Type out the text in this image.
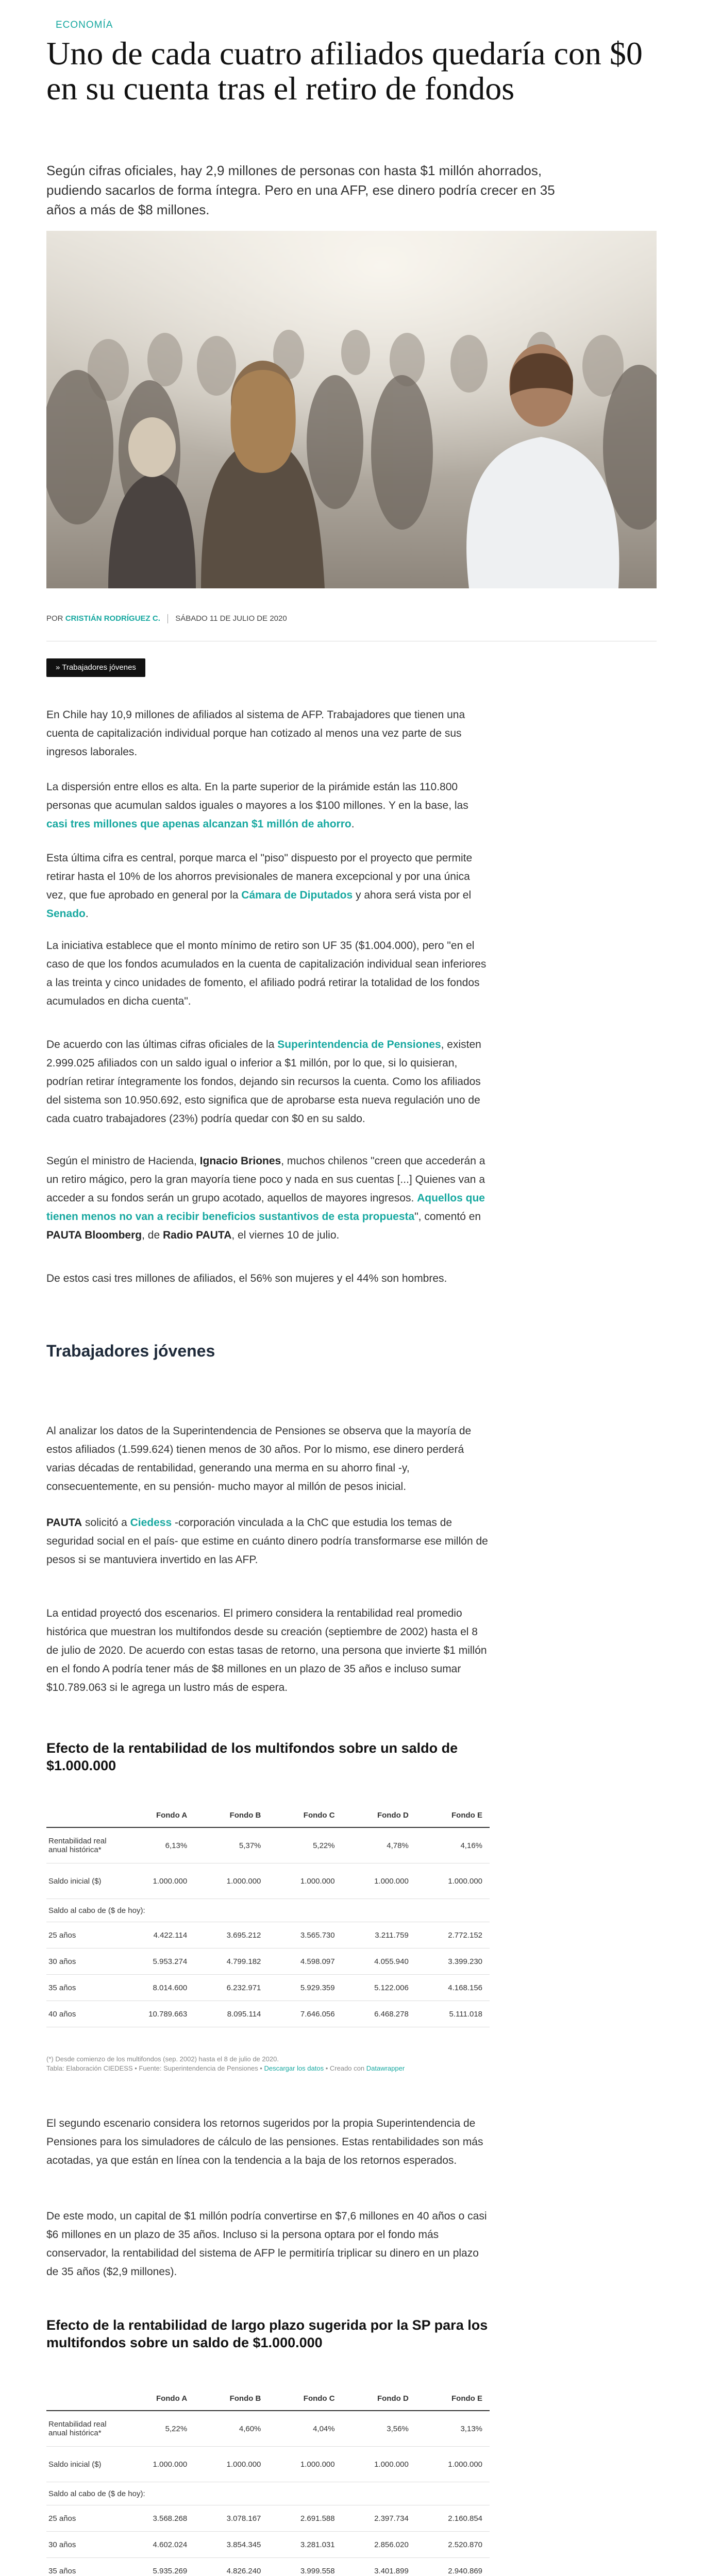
ECONOMÍA
Uno de cada cuatro afiliados quedaría con $0 en su cuenta tras el retiro de fondos

Según cifras oficiales, hay 2,9 millones de personas con hasta $1 millón ahorrados, pudiendo sacarlos de forma íntegra. Pero en una AFP, ese dinero podría crecer en 35 años a más de $8 millones.

POR CRISTIÁN RODRÍGUEZ C. SÁBADO 11 DE JULIO DE 2020
» Trabajadores jóvenes

En Chile hay 10,9 millones de afiliados al sistema de AFP. Trabajadores que tienen una cuenta de capitalización individual porque han cotizado al menos una vez parte de sus ingresos laborales.

La dispersión entre ellos es alta. En la parte superior de la pirámide están las 110.800 personas que acumulan saldos iguales o mayores a los $100 millones. Y en la base, las casi tres millones que apenas alcanzan $1 millón de ahorro.

Esta última cifra es central, porque marca el "piso" dispuesto por el proyecto que permite retirar hasta el 10% de los ahorros previsionales de manera excepcional y por una única vez, que fue aprobado en general por la Cámara de Diputados y ahora será vista por el Senado.

La iniciativa establece que el monto mínimo de retiro son UF 35 ($1.004.000), pero "en el caso de que los fondos acumulados en la cuenta de capitalización individual sean inferiores a las treinta y cinco unidades de fomento, el afiliado podrá retirar la totalidad de los fondos acumulados en dicha cuenta".

De acuerdo con las últimas cifras oficiales de la Superintendencia de Pensiones, existen 2.999.025 afiliados con un saldo igual o inferior a $1 millón, por lo que, si lo quisieran, podrían retirar íntegramente los fondos, dejando sin recursos la cuenta. Como los afiliados del sistema son 10.950.692, esto significa que de aprobarse esta nueva regulación uno de cada cuatro trabajadores (23%) podría quedar con $0 en su saldo.

Según el ministro de Hacienda, Ignacio Briones, muchos chilenos "creen que accederán a un retiro mágico, pero la gran mayoría tiene poco y nada en sus cuentas [...] Quienes van a acceder a su fondos serán un grupo acotado, aquellos de mayores ingresos. Aquellos que tienen menos no van a recibir beneficios sustantivos de esta propuesta", comentó en PAUTA Bloomberg, de Radio PAUTA, el viernes 10 de julio.

De estos casi tres millones de afiliados, el 56% son mujeres y el 44% son hombres.

Trabajadores jóvenes

Al analizar los datos de la Superintendencia de Pensiones se observa que la mayoría de estos afiliados (1.599.624) tienen menos de 30 años. Por lo mismo, ese dinero perderá varias décadas de rentabilidad, generando una merma en su ahorro final -y, consecuentemente, en su pensión- mucho mayor al millón de pesos inicial.

PAUTA solicitó a Ciedess -corporación vinculada a la ChC que estudia los temas de seguridad social en el país- que estime en cuánto dinero podría transformarse ese millón de pesos si se mantuviera invertido en las AFP.

La entidad proyectó dos escenarios. El primero considera la rentabilidad real promedio histórica que muestran los multifondos desde su creación (septiembre de 2002) hasta el 8 de julio de 2020. De acuerdo con estas tasas de retorno, una persona que invierte $1 millón en el fondo A podría tener más de $8 millones en un plazo de 35 años e incluso sumar $10.789.063 si le agrega un lustro más de espera.

Efecto de la rentabilidad de los multifondos sobre un saldo de $1.000.000
Fondo A	Fondo B	Fondo C	Fondo D	Fondo E
Rentabilidad real anual histórica*	6,13%	5,37%	5,22%	4,78%	4,16%
Saldo inicial ($)	1.000.000	1.000.000	1.000.000	1.000.000	1.000.000
Saldo al cabo de ($ de hoy):
25 años	4.422.114	3.695.212	3.565.730	3.211.759	2.772.152
30 años	5.953.274	4.799.182	4.598.097	4.055.940	3.399.230
35 años	8.014.600	6.232.971	5.929.359	5.122.006	4.168.156
40 años	10.789.663	8.095.114	7.646.056	6.468.278	5.111.018
(*) Desde comienzo de los multifondos (sep. 2002) hasta el 8 de julio de 2020.
Tabla: Elaboración CIEDESS • Fuente: Superintendencia de Pensiones • Descargar los datos • Creado con Datawrapper

El segundo escenario considera los retornos sugeridos por la propia Superintendencia de Pensiones para los simuladores de cálculo de las pensiones. Estas rentabilidades son más acotadas, ya que están en línea con la tendencia a la baja de los retornos esperados.

De este modo, un capital de $1 millón podría convertirse en $7,6 millones en 40 años o casi $6 millones en un plazo de 35 años. Incluso si la persona optara por el fondo más conservador, la rentabilidad del sistema de AFP le permitiría triplicar su dinero en un plazo de 35 años ($2,9 millones).

Efecto de la rentabilidad de largo plazo sugerida por la SP para los multifondos sobre un saldo de $1.000.000
Fondo A	Fondo B	Fondo C	Fondo D	Fondo E
Rentabilidad real anual histórica*	5,22%	4,60%	4,04%	3,56%	3,13%
Saldo inicial ($)	1.000.000	1.000.000	1.000.000	1.000.000	1.000.000
Saldo al cabo de ($ de hoy):
25 años	3.568.268	3.078.167	2.691.588	2.397.734	2.160.854
30 años	4.602.024	3.854.345	3.281.031	2.856.020	2.520.870
35 años	5.935.269	4.826.240	3.999.558	3.401.899	2.940.869
